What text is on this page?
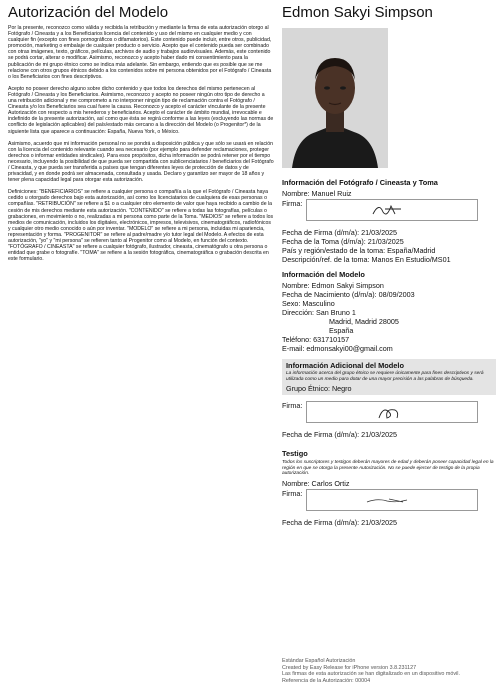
Autorización del Modelo

Por la presente, reconozco como válida y recibida la retribución y mediante la firma de esta autorización otorgo al Fotógrafo / Cineasta y a los Beneficiarios licencia del contenido y uso del mismo en cualquier medio y con cualquier fin (excepto con fines pornográficos o difamatorios). Este contenido puede incluir, entre otros, publicidad, promoción, marketing o embalaje de cualquier producto o servicio. Acepto que el contenido pueda ser combinado con otras imágenes, texto, gráficos, películas, archivos de audio y trabajos audiovisuales. Además, este contenido se podrá cortar, alterar o modificar. Asimismo, reconozco y acepto haber dado mi consentimiento para la publicación de mi grupo étnico como se indica más adelante. Sin embargo, entiendo que es posible que se me relacione con otros grupos étnicos debido a los contenidos sobre mi persona obtenidos por el Fotógrafo / Cineasta o los Beneficiarios con fines descriptivos.

Acepto no poseer derecho alguno sobre dicho contenido y que todos los derechos del mismo pertenecen al Fotógrafo / Cineasta y los Beneficiarios. Asimismo, reconozco y acepto no poseer ningún otro tipo de derecho a una retribución adicional y me comprometo a no interponer ningún tipo de reclamación contra el Fotógrafo / Cineasta y/o los Beneficiarios sea cual fuere la causa. Reconozco y acepto el carácter vinculante de la presente Autorización con respecto a mis herederos y beneficiarios. Acepto el carácter de ámbito mundial, irrevocable e indefinido de la presente autorización, así como que ésta se regirá conforme a las leyes (excluyendo las normas de conflicto de legislación aplicables) del país/estado más cercano a la dirección del Modelo (o Progenitor*) de la siguiente lista que aparece a continuación: España, Nueva York, o México.

Asimismo, acuerdo que mi información personal no se pondrá a disposición pública y que sólo se usará en relación con la licencia del contenido relevante cuando sea necesario (por ejemplo para defender reclamaciones, proteger derechos o informar entidades sindicales). Para esos propósitos, dicha información se podrá retener por el tiempo necesario, incluyendo la posibilidad de que pueda ser compartida con sublicenciatarios / beneficiarios del Fotógrafo / Cineasta, y que pueda ser transferida a países que tengan diferentes leyes de protección de datos y de privacidad, y en donde podrá ser almacenada, consultada y usada. Declaro y garantizo ser mayor de 18 años y tener plena capacidad legal para otorgar esta autorización.

Definiciones: "BENEFICIARIOS" se refiere a cualquier persona o compañía a la que el Fotógrafo / Cineasta haya cedido u otorgado derechos bajo esta autorización, así como los licenciatarios de cualquiera de esas personas o compañías. "RETRIBUCIÓN" se refiere a $1 o a cualquier otro elemento de valor que haya recibido a cambio de la cesión de mis derechos mediante esta autorización. "CONTENIDO" se refiere a todas las fotografías, películas o grabaciones, en movimiento o no, realizadas a mi persona como parte de la Toma. "MEDIOS" se refiere a todos los medios de comunicación, incluidos los digitales, electrónicos, impresos, televisivos, cinematográficos, radiofónicos y cualquier otro medio conocido o aún por inventar. "MODELO" se refiere a mi persona, incluidas mi apariencia, representación y forma. "PROGENITOR" se refiere al padre/madre y/o tutor legal del Modelo. A efectos de esta autorización, "yo" y "mi persona" se refieren tanto al Progenitor como al Modelo, en función del contexto. "FOTÓGRAFO / CINEASTA" se refiere a cualquier fotógrafo, ilustrador, cineasta, cinematógrafo u otra persona o entidad que grabe o fotografíe. "TOMA" se refiere a la sesión fotográfica, cinematográfica o grabación descrita en este formulario.

Edmon Sakyi Simpson
Información del Fotógrafo / Cineasta y Toma
Nombre: Manuel Ruiz
Firma:
Fecha de Firma (d/m/a): 21/03/2025
Fecha de la Toma (d/m/a): 21/03/2025
País y región/estado de la toma: España/Madrid
Descripción/ref. de la toma: Manos En Estudio/MS01
Información del Modelo
Nombre: Edmon Sakyi Simpson
Fecha de Nacimiento (d/m/a): 08/09/2003
Sexo: Masculino
Dirección: San Bruno 1
Madrid, Madrid 28005
España
Teléfono: 631710157
E-mail: edmonsakyi00@gmail.com
Información Adicional del Modelo
La información acerca del grupo étnico se requiere únicamente para fines descriptivos y será utilizada como un medio para dotar de una mayor precisión a las palabras de búsqueda.
Grupo Étnico: Negro
Firma:
Fecha de Firma (d/m/a): 21/03/2025
Testigo
Todos los suscriptores y testigos deberán mayores de edad y deberán poseer capacidad legal en la región en que se otorga la presente Autorización. No se puede ejercer de testigo de la propia autorización.
Nombre: Carlos Ortiz
Firma:
Fecha de Firma (d/m/a): 21/03/2025
Estándar Español Autorización
Created by Easy Release for iPhone version 3.8.231127
Las firmas de esta autorización se han digitalizado en un dispositivo móvil.
Referencia de la Autorización: 00004
